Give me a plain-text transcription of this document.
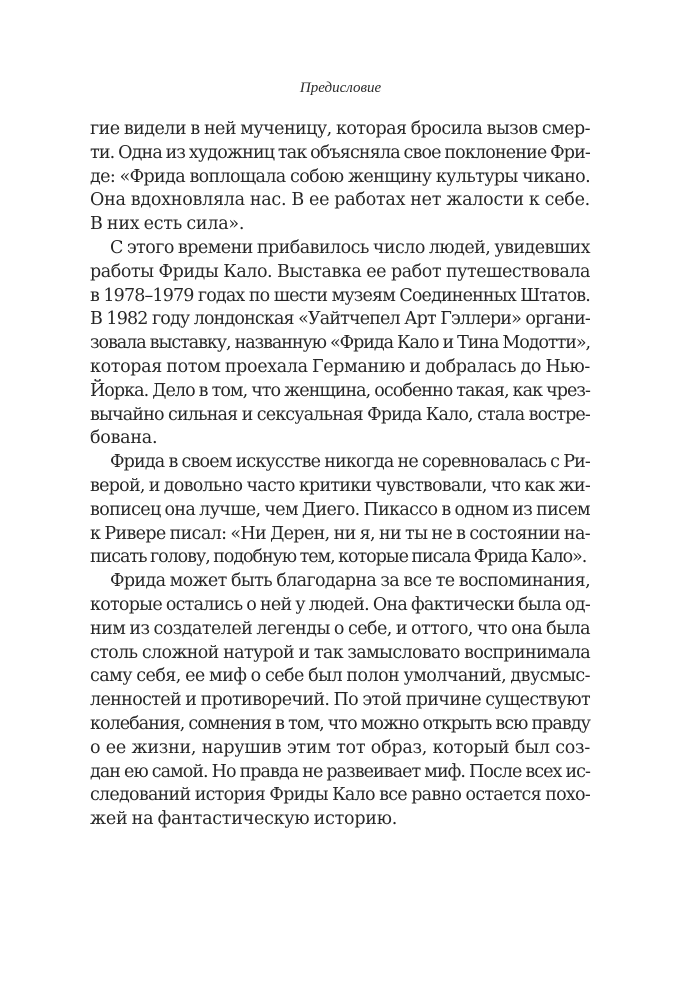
Предисловие
гие видели в ней мученицу, которая бросила вызов смер-
ти. Одна из художниц так объясняла свое поклонение Фри-
де: «Фрида воплощала собою женщину культуры чикано.
Она вдохновляла нас. В ее работах нет жалости к себе.
В них есть сила».
С этого времени прибавилось число людей, увидевших
работы Фриды Кало. Выставка ее работ путешествовала
в 1978–1979 годах по шести музеям Соединенных Штатов.
В 1982 году лондонская «Уайтчепел Арт Гэллери» органи-
зовала выставку, названную «Фрида Кало и Тина Модотти»,
которая потом проехала Германию и добралась до Нью-
Йорка. Дело в том, что женщина, особенно такая, как чрез-
вычайно сильная и сексуальная Фрида Кало, стала востре-
бована.
Фрида в своем искусстве никогда не соревновалась с Ри-
верой, и довольно часто критики чувствовали, что как жи-
вописец она лучше, чем Диего. Пикассо в одном из писем
к Ривере писал: «Ни Дерен, ни я, ни ты не в состоянии на-
писать голову, подобную тем, которые писала Фрида Кало».
Фрида может быть благодарна за все те воспоминания,
которые остались о ней у людей. Она фактически была од-
ним из создателей легенды о себе, и оттого, что она была
столь сложной натурой и так замысловато воспринимала
саму себя, ее миф о себе был полон умолчаний, двусмыс-
ленностей и противоречий. По этой причине существуют
колебания, сомнения в том, что можно открыть всю правду
о ее жизни, нарушив этим тот образ, который был соз-
дан ею самой. Но правда не развеивает миф. После всех ис-
следований история Фриды Кало все равно остается похо-
жей на фантастическую историю.
